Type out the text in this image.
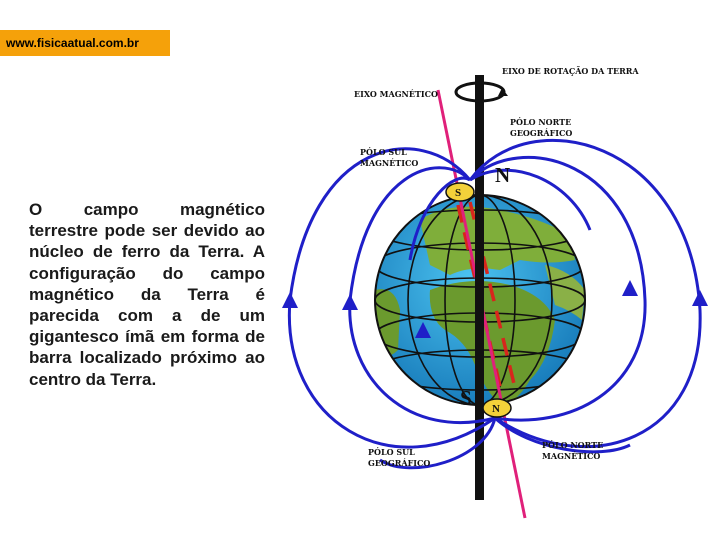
www.fisicaatual.com.br
O campo magnético terrestre pode ser devido ao núcleo de ferro da Terra. A configuração do campo magnético da Terra é parecida com a de um gigantesco ímã em forma de barra localizado próximo ao centro da Terra.
S
N
N
S
EIXO DE ROTAÇÃO DA TERRA
EIXO MAGNÉTICO
PÓLO NORTE
GEOGRÁFICO
PÓLO SUL
MAGNÉTICO
PÓLO SUL
GEOGRÁFICO
PÓLO NORTE
MAGNÉTICO
